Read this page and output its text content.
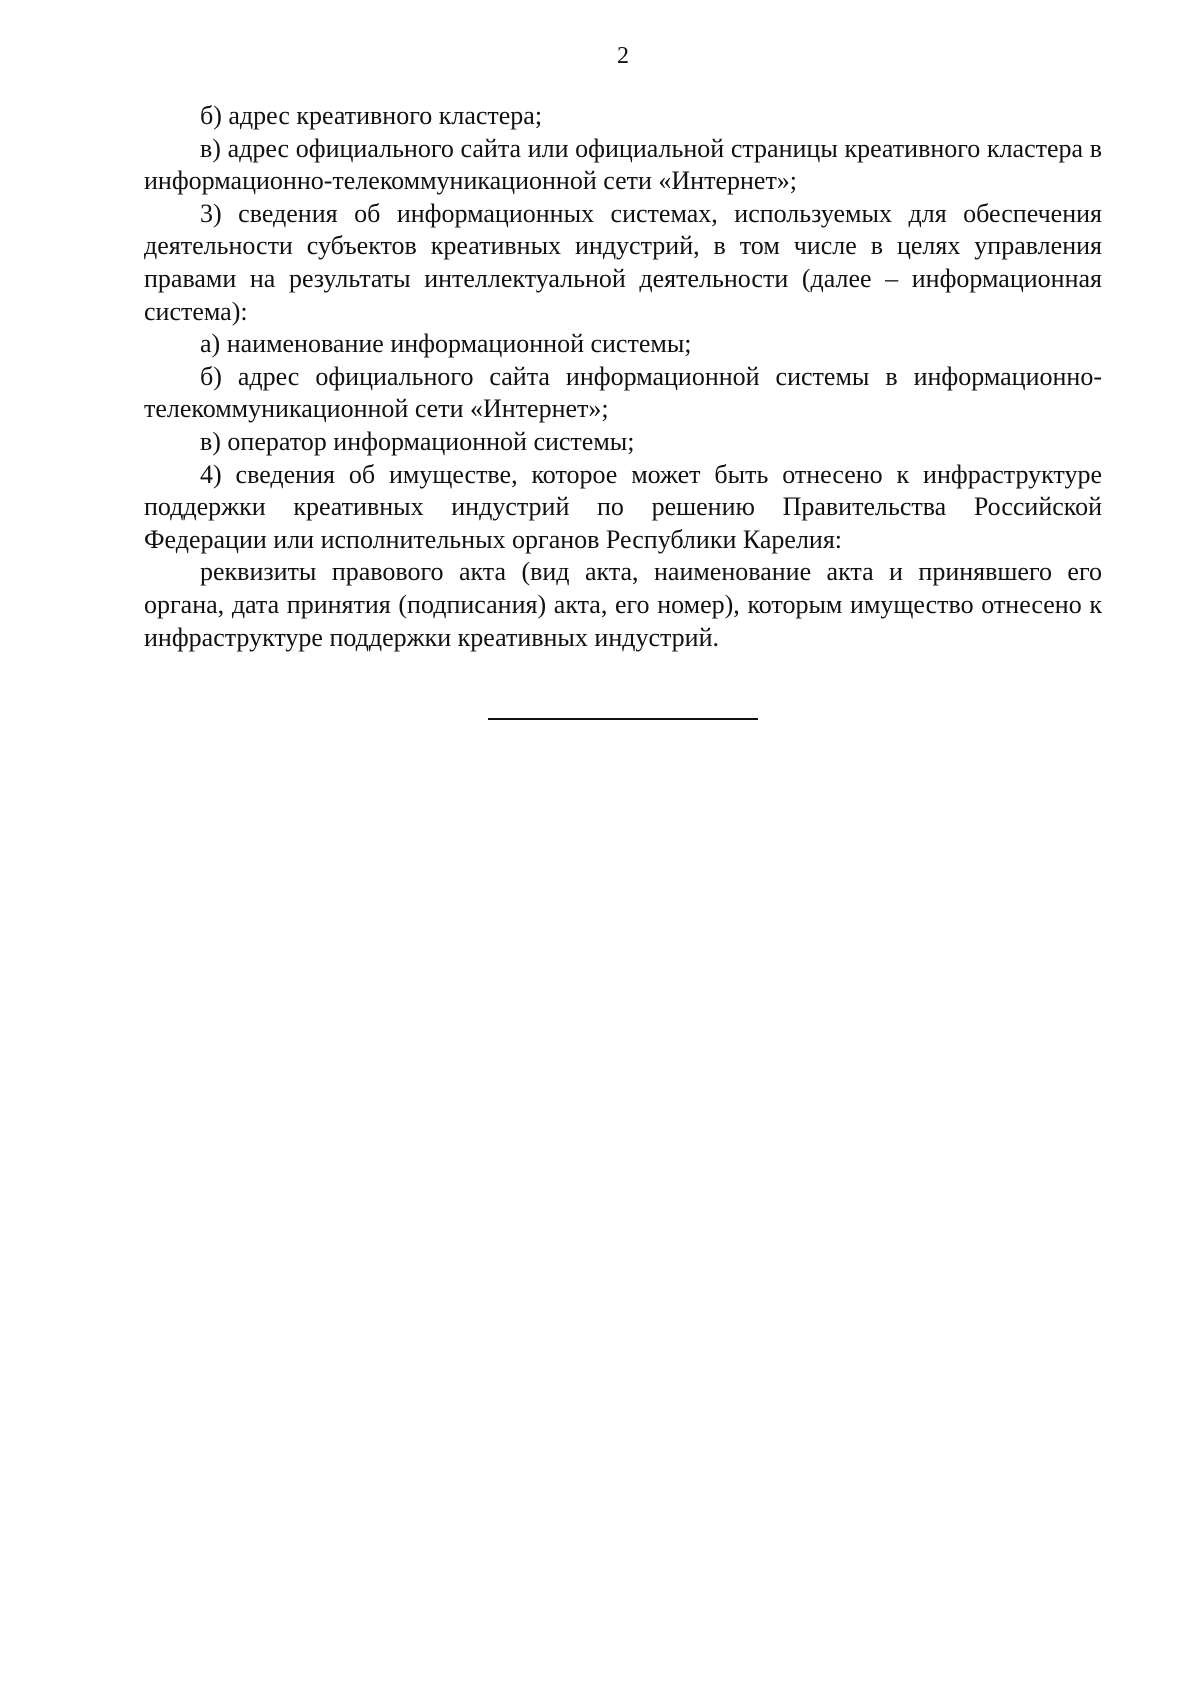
2

б) адрес креативного кластера;

в) адрес официального сайта или официальной страницы креативного кластера в информационно-телекоммуникационной сети «Интернет»;

3) сведения об информационных системах, используемых для обеспечения деятельности субъектов креативных индустрий, в том числе в целях управления правами на результаты интеллектуальной деятельности (далее – информационная система):

а) наименование информационной системы;

б) адрес официального сайта информационной системы в информационно-телекоммуникационной сети «Интернет»;

в) оператор информационной системы;

4) сведения об имуществе, которое может быть отнесено к инфраструктуре поддержки креативных индустрий по решению Правительства Российской Федерации или исполнительных органов Республики Карелия:

реквизиты правового акта (вид акта, наименование акта и принявшего его органа, дата принятия (подписания) акта, его номер), которым имущество отнесено к инфраструктуре поддержки креативных индустрий.
